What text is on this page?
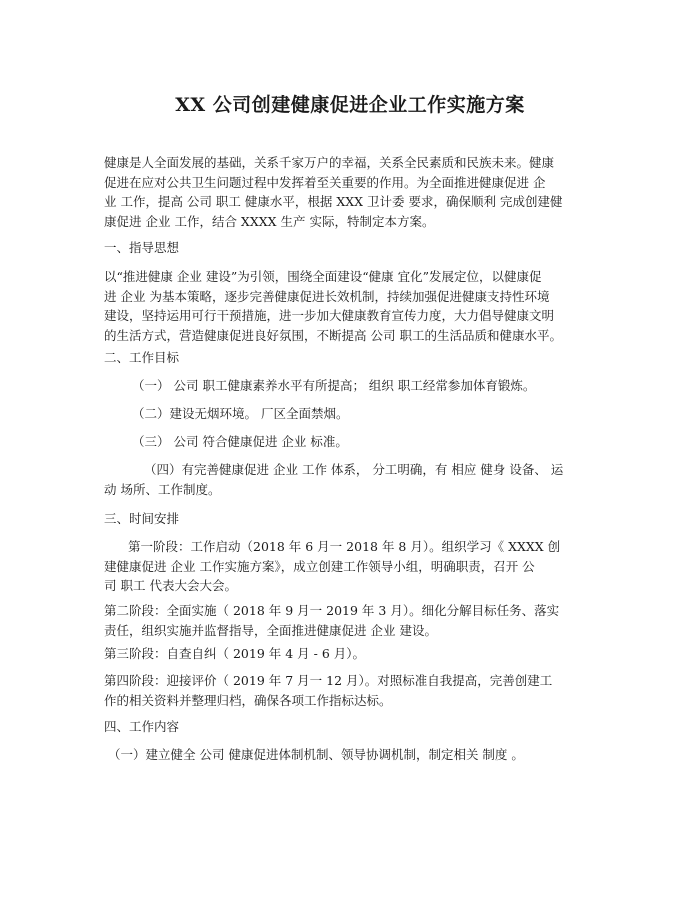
XX 公司创建健康促进企业工作实施方案
健康是人全面发展的基础，关系千家万户的幸福，关系全民素质和民族未来。健康
促进在应对公共卫生问题过程中发挥着至关重要的作用。为全面推进健康促进 企
业 工作，提高 公司 职工 健康水平，根据 XXX 卫计委 要求，确保顺利 完成创建健
康促进 企业 工作，结合 XXXX 生产 实际，特制定本方案。
一、指导思想
以“推进健康 企业 建设”为引领，围绕全面建设“健康 宜化”发展定位，以健康促
进 企业 为基本策略，逐步完善健康促进长效机制，持续加强促进健康支持性环境
建设，坚持运用可行干预措施，进一步加大健康教育宣传力度，大力倡导健康文明
的生活方式，营造健康促进良好氛围，不断提高 公司 职工的生活品质和健康水平。
二、工作目标
（一） 公司 职工健康素养水平有所提高； 组织 职工经常参加体育锻炼。
（二）建设无烟环境。 厂区全面禁烟。
（三） 公司 符合健康促进 企业 标准。
（四）有完善健康促进 企业 工作 体系， 分工明确，有 相应 健身 设备、 运
动 场所、工作制度。
三、时间安排
第一阶段：工作启动（2018 年 6 月一 2018 年 8 月）。组织学习《 XXXX 创
建健康促进 企业 工作实施方案》，成立创建工作领导小组，明确职责，召开 公
司 职工 代表大会大会。
第二阶段：全面实施（ 2018 年 9 月一 2019 年 3 月）。细化分解目标任务、落实
责任，组织实施并监督指导，全面推进健康促进 企业 建设。
第三阶段：自查自纠（ 2019 年 4 月 - 6 月）。
第四阶段：迎接评价（ 2019 年 7 月一 12 月）。对照标准自我提高，完善创建工
作的相关资料并整理归档，确保各项工作指标达标。
四、工作内容
（一）建立健全 公司 健康促进体制机制、领导协调机制，制定相关 制度 。
